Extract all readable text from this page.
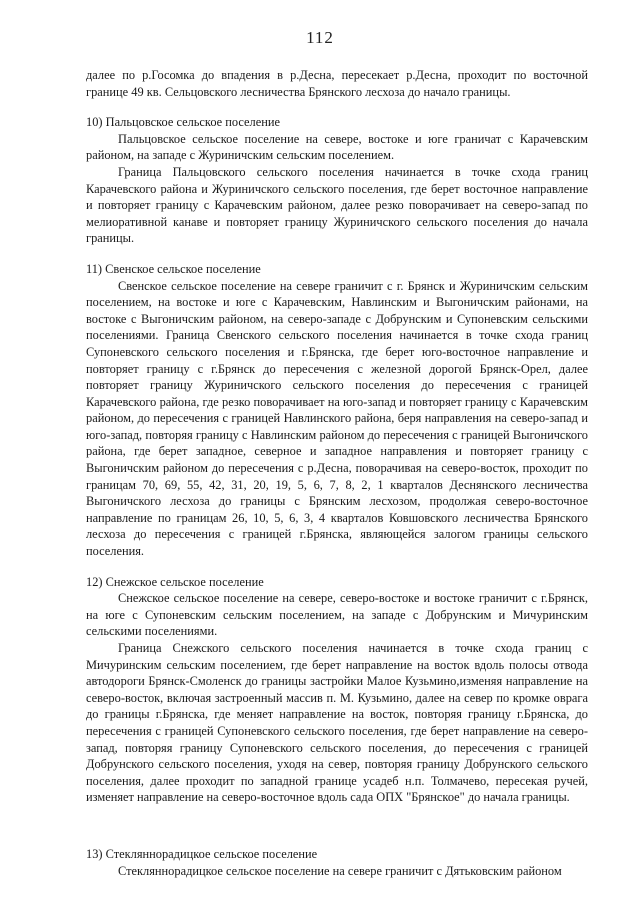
112

далее по р.Госомка до впадения в р.Десна, пересекает р.Десна, проходит по восточной границе 49 кв. Сельцовского лесничества Брянского лесхоза до начало границы.

10) Пальцовское сельское поселение

Пальцовское сельское поселение на севере, востоке и юге граничат с Карачевским районом, на западе с Журиничским сельским поселением.

Граница Пальцовского сельского поселения начинается в точке схода границ Карачевского района и Журиничского сельского поселения, где берет восточное направление и повторяет границу с Карачевским районом, далее резко поворачивает на северо-запад по мелиоративной канаве и повторяет границу Журиничского сельского поселения до начала границы.

11) Свенское сельское поселение

Свенское сельское поселение на севере граничит с г. Брянск и Журиничским сельским поселением, на востоке и юге с Карачевским, Навлинским и Выгоничским районами, на востоке с Выгоничским районом, на северо-западе с Добрунским и Супоневским сельскими поселениями. Граница Свенского сельского поселения начинается в точке схода границ Супоневского сельского поселения и г.Брянска, где берет юго-восточное направление и повторяет границу с г.Брянск до пересечения с железной дорогой Брянск-Орел, далее повторяет границу Журиничского сельского поселения до пересечения с границей Карачевского района, где резко поворачивает на юго-запад и повторяет границу с Карачевским районом, до пересечения с границей Навлинского района, беря направления на северо-запад и юго-запад, повторяя границу с Навлинским районом до пересечения с границей Выгоничского района, где берет западное, северное и западное направления и повторяет границу с Выгоничским районом до пересечения с р.Десна, поворачивая на северо-восток, проходит по границам 70, 69, 55, 42, 31, 20, 19, 5, 6, 7, 8, 2, 1 кварталов Деснянского лесничества Выгоничского лесхоза до границы с Брянским лесхозом, продолжая северо-восточное направление по границам 26, 10, 5, 6, 3, 4 кварталов Ковшовского лесничества Брянского лесхоза до пересечения с границей г.Брянска, являющейся залогом границы сельского поселения.

12) Снежское сельское поселение

Снежское сельское поселение на севере, северо-востоке и востоке граничит с г.Брянск, на юге с Супоневским сельским поселением, на западе с Добрунским и Мичуринским сельскими поселениями.

Граница Снежского сельского поселения начинается в точке схода границ с Мичуринским сельским поселением, где берет направление на восток вдоль полосы отвода автодороги Брянск-Смоленск до границы застройки Малое Кузьмино,изменяя направление на северо-восток, включая застроенный массив п. М. Кузьмино, далее на север по кромке оврага до границы г.Брянска, где меняет направление на восток, повторяя границу г.Брянска, до пересечения с границей Супоневского сельского поселения, где берет направление на северо-запад, повторяя границу Супоневского сельского поселения, до пересечения с границей Добрунского сельского поселения, уходя на север, повторяя границу Добрунского сельского поселения, далее проходит по западной границе усадеб н.п. Толмачево, пересекая ручей, изменяет направление на северо-восточное вдоль сада ОПХ "Брянское" до начала границы.

13) Стекляннорадицкое сельское поселение

Стекляннорадицкое сельское поселение на севере граничит с Дятьковским районом
